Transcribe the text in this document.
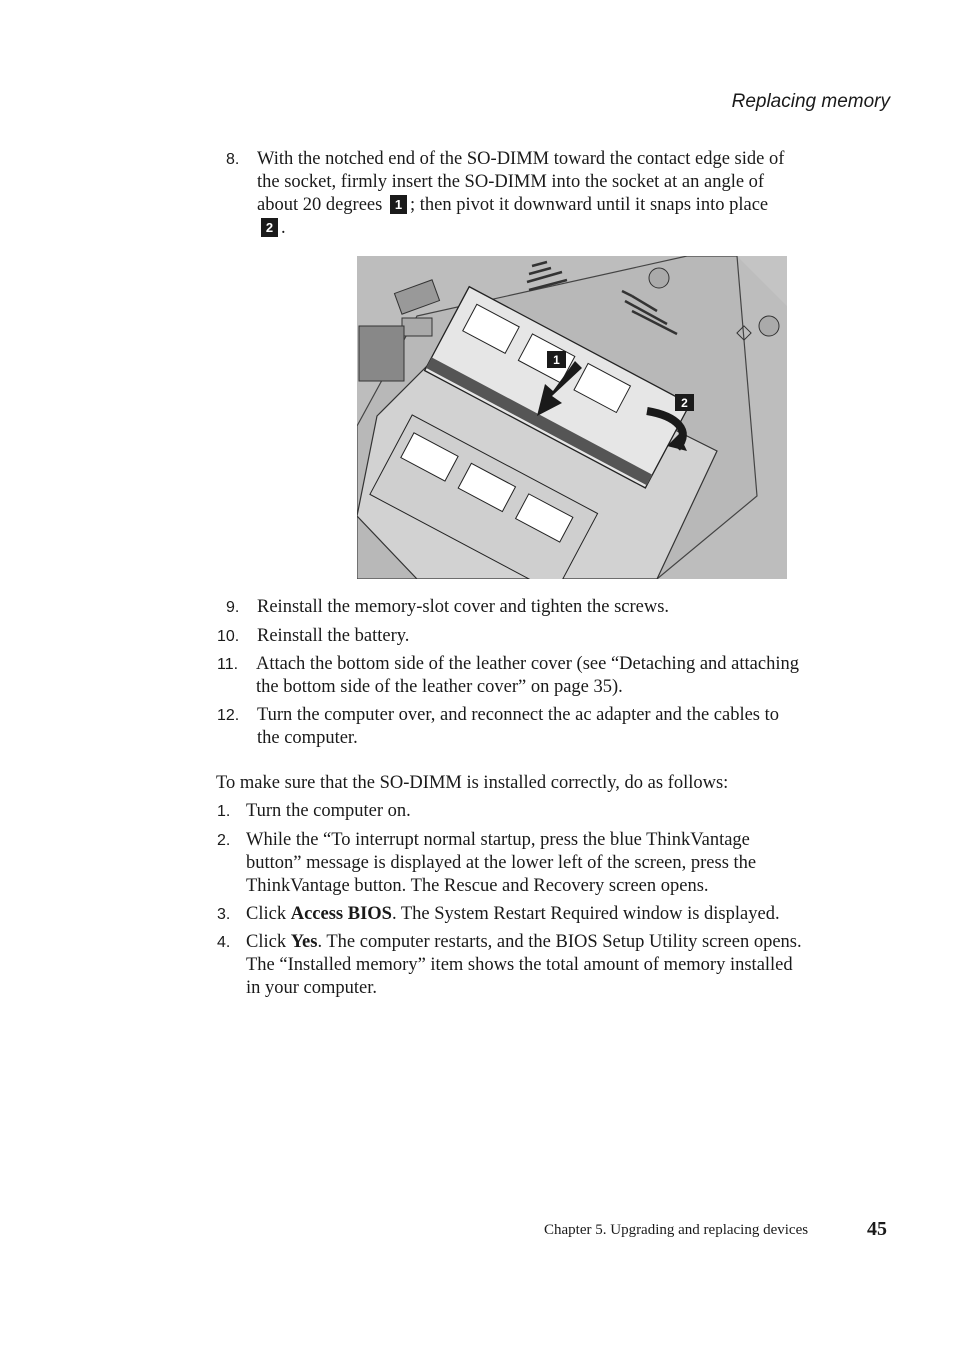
Replacing memory
8. With the notched end of the SO-DIMM toward the contact edge side of
the socket, firmly insert the SO-DIMM into the socket at an angle of
about 20 degrees 1 ; then pivot it downward until it snaps into place
2 .
1
2
9. Reinstall the memory-slot cover and tighten the screws.
10. Reinstall the battery.
11. Attach the bottom side of the leather cover (see “Detaching and attaching
the bottom side of the leather cover” on page 35).
12. Turn the computer over, and reconnect the ac adapter and the cables to
the computer.
To make sure that the SO-DIMM is installed correctly, do as follows:
1. Turn the computer on.
2. While the “To interrupt normal startup, press the blue ThinkVantage
button” message is displayed at the lower left of the screen, press the
ThinkVantage button. The Rescue and Recovery screen opens.
3. Click Access BIOS. The System Restart Required window is displayed.
4. Click Yes. The computer restarts, and the BIOS Setup Utility screen opens.
The “Installed memory” item shows the total amount of memory installed
in your computer.
Chapter 5. Upgrading and replacing devices	45
